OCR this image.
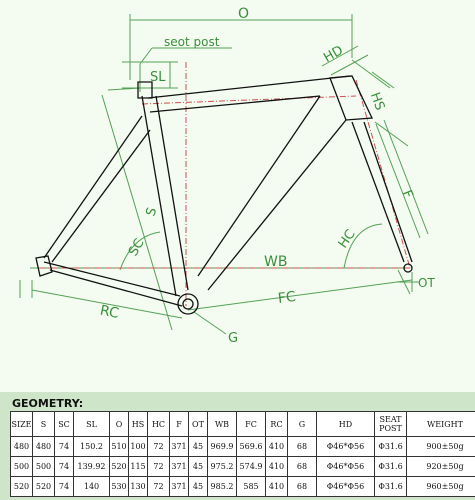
O
seot post
SL
HD
HS
F
S
SC	HC
WB
OT
FC
RC
G
GEOMETRY:
SIZE	S	SC	SL	O	HS	HC	F	OT	WB	FC	RC	G	HD	SEAT
POST	WEIGHT
480	480	74	150.2	510	100	72	371	45	969.9	569.6	410	68	Φ46*Φ56	Φ31.6	900±50g
500	500	74	139.92	520	115	72	371	45	975.2	574.9	410	68	Φ46*Φ56	Φ31.6	920±50g
520	520	74	140	530	130	72	371	45	985.2	585	410	68	Φ46*Φ56	Φ31.6	960±50g
